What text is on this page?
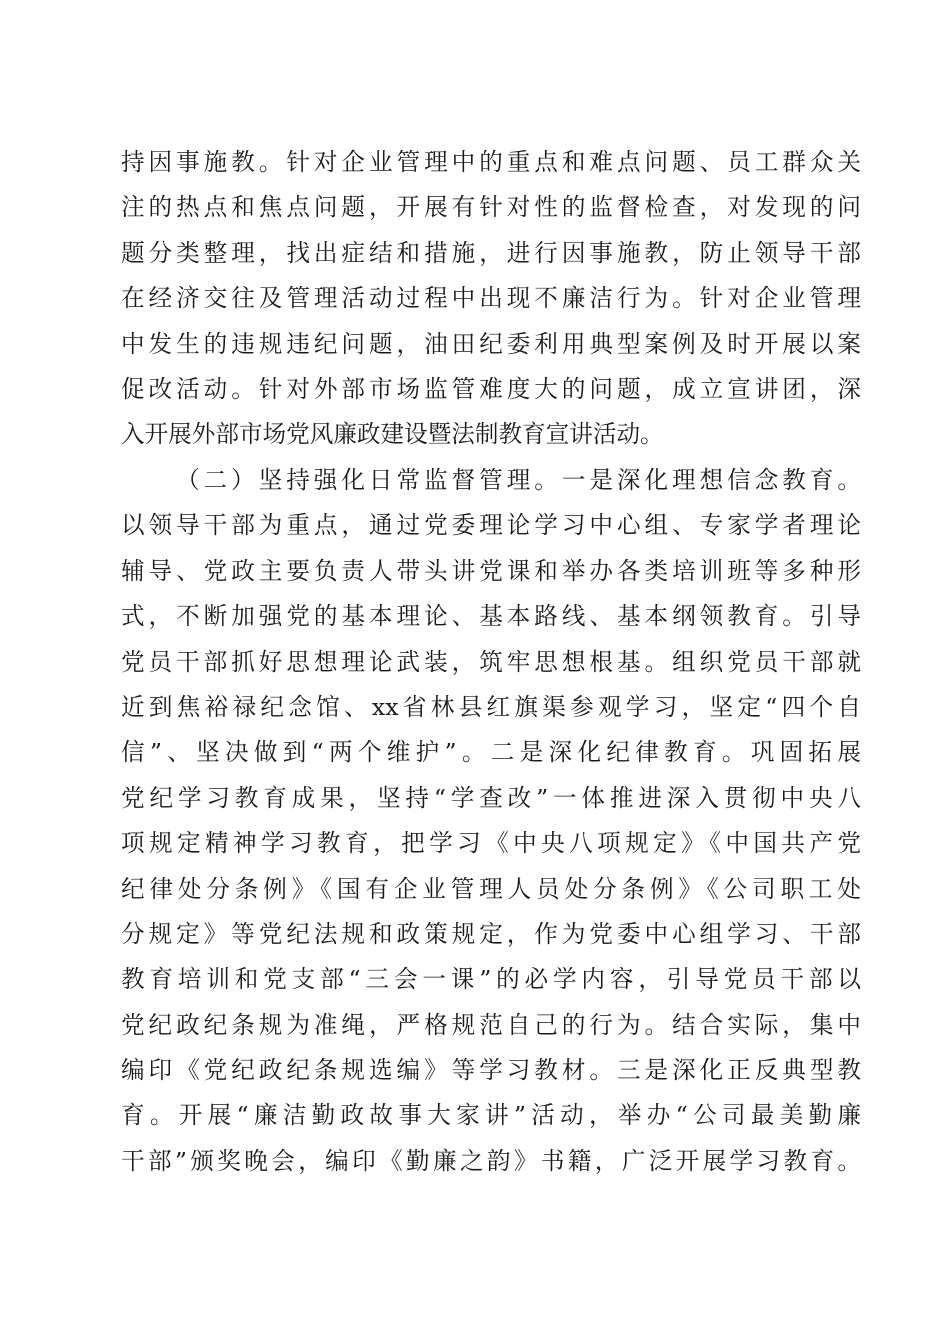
持因事施教。针对企业管理中的重点和难点问题、员工群众关
注的热点和焦点问题，开展有针对性的监督检查，对发现的问
题分类整理，找出症结和措施，进行因事施教，防止领导干部
在经济交往及管理活动过程中出现不廉洁行为。针对企业管理
中发生的违规违纪问题，油田纪委利用典型案例及时开展以案
促改活动。针对外部市场监管难度大的问题，成立宣讲团，深
入开展外部市场党风廉政建设暨法制教育宣讲活动。
（二）坚持强化日常监督管理。一是深化理想信念教育。
以领导干部为重点，通过党委理论学习中心组、专家学者理论
辅导、党政主要负责人带头讲党课和举办各类培训班等多种形
式，不断加强党的基本理论、基本路线、基本纲领教育。引导
党员干部抓好思想理论武装，筑牢思想根基。组织党员干部就
近到焦裕禄纪念馆、xx省林县红旗渠参观学习，坚定“四个自
信”、坚决做到“两个维护”。二是深化纪律教育。巩固拓展
党纪学习教育成果，坚持“学查改”一体推进深入贯彻中央八
项规定精神学习教育，把学习《中央八项规定》《中国共产党
纪律处分条例》《国有企业管理人员处分条例》《公司职工处
分规定》等党纪法规和政策规定，作为党委中心组学习、干部
教育培训和党支部“三会一课”的必学内容，引导党员干部以
党纪政纪条规为准绳，严格规范自己的行为。结合实际，集中
编印《党纪政纪条规选编》等学习教材。三是深化正反典型教
育。开展“廉洁勤政故事大家讲”活动，举办“公司最美勤廉
干部”颁奖晚会，编印《勤廉之韵》书籍，广泛开展学习教育。
